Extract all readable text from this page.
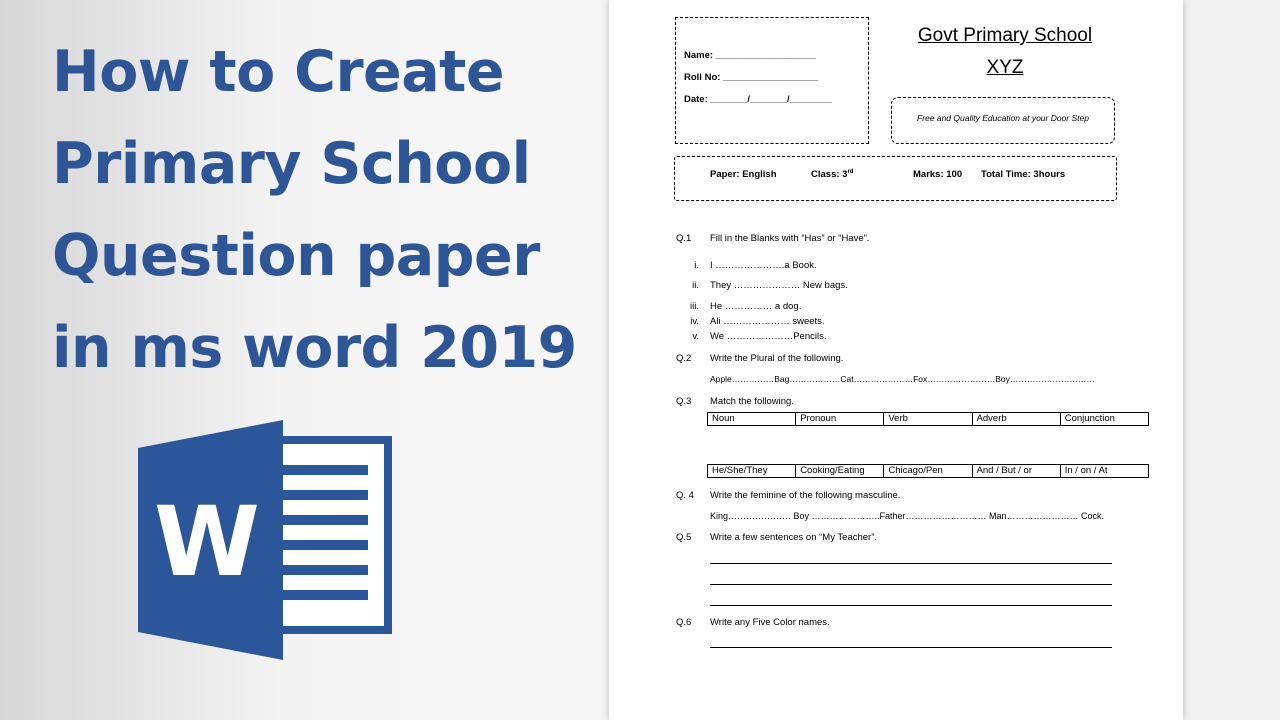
How to Create
Primary School
Question paper
in ms word 2019
W
Name: ___________________
Roll No: __________________
Date: _______/_______/________
Govt Primary School
XYZ
Free and Quality Education at your Door Step
Paper: English	Class: 3rd	Marks: 100 Total Time: 3hours
Q.1 Fill in the Blanks with “Has” or “Have”.
i. I ………………….a Book.
ii. They ………………… New bags.
iii. He …………… a dog.
iv. Ali ………………… sweets.
v. We …………………Pencils.
Q.2 Write the Plural of the following.
Apple……………Bag………………Cat…………………Fox……………………Boy…………………………
Q.3 Match the following.
Noun	Pronoun	Verb	Adverb	Conjunction
He/She/They	Cooking/Eating	Chicago/Pen	And / But / or	In / on / At
Q. 4 Write the feminine of the following masculine.
King………………… Boy …………………..Father……………………… Man…………………… Cock.
Q.5 Write a few sentences on “My Teacher”.
Q.6 Write any Five Color names.
